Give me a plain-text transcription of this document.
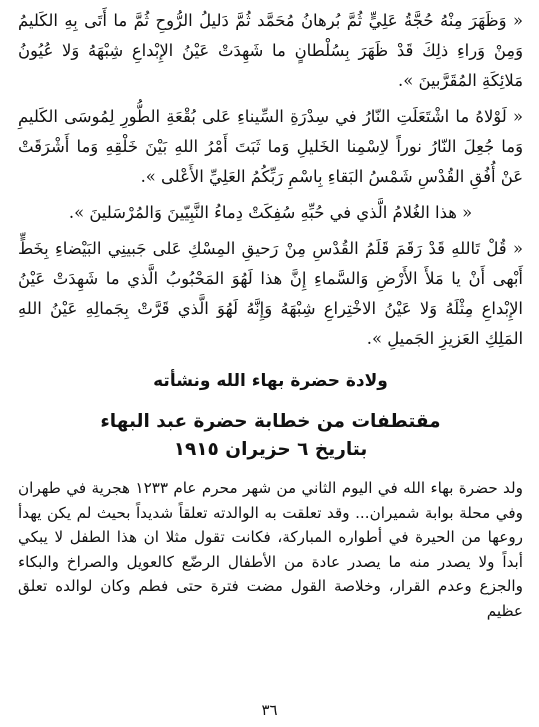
« وَظَهَرَ مِنْهُ حُجَّةُ عَلِيٍّ ثُمَّ بُرهانُ مُحَمَّد ثُمَّ دَليلُ الرُّوحِ ثُمَّ ما أَتَى بِهِ الكَليمُ وَمِنْ وَراءِ ذلِكَ قَدْ ظَهَرَ بِسُلْطانٍ ما شَهِدَتْ عَيْنُ الإِبْداعِ شِبْهَهُ وَلا عُيُونُ مَلائِكَةِ المُقَرَّبينَ ».

« لَوْلاهُ ما اشْتَعَلَتِ النّارُ في سِدْرَةِ السِّيناءِ عَلى بُقْعَةِ الطُّورِ لِمُوسَى الكَليمِ وَما جُعِلَ النّارُ نوراً لاِسْمِنا الخَليلِ وَما ثَبَتَ أَمْرُ اللهِ بَيْنَ خَلْقِهِ وَما أَشْرَقَتْ عَنْ أُفُقِ القُدْسِ شَمْسُ البَقاءِ بِاسْمِ رَبِّكُمُ العَلِيِّ الأَعْلى ».

« هذا الغُلامُ الَّذي في حُبِّهِ سُفِكَتْ دِماءُ النَّبِيّينَ وَالمُرْسَلينَ ».

« قُلْ تَاللهِ قَدْ رَقَمَ قَلَمُ القُدْسِ مِنْ رَحيقِ المِسْكِ عَلى جَبينِي البَيْضاءِ بِخَطٍّ أَبْهى أَنْ يا مَلأَ الأَرْضِ وَالسَّماءِ إِنَّ هذا لَهُوَ المَحْبُوبُ الَّذي ما شَهِدَتْ عَيْنُ الإِبْداعِ مِثْلَهُ وَلا عَيْنُ الاخْتِراعِ شِبْهَهُ وَإِنَّهُ لَهُوَ الَّذي قَرَّتْ بِجَمالِهِ عَيْنُ اللهِ المَلِكِ العَزيزِ الجَميلِ ».

ولادة حضرة بهاء الله ونشأته
مقتطفات من خطابة حضرة عبد البهاء
بتاريخ ٦ حزيران ١٩١٥

ولد حضرة بهاء الله في اليوم الثاني من شهر محرم عام ١٢٣٣ هجرية في طهران وفي محلة بوابة شميران... وقد تعلقت به الوالدته تعلقاً شديداً بحيث لم يكن يهدأ روعها من الحيرة في أطواره المباركة، فكانت تقول مثلا ان هذا الطفل لا يبكي أبداً ولا يصدر منه ما يصدر عادة من الأطفال الرضّع كالعويل والصراخ والبكاء والجزع وعدم القرار، وخلاصة القول مضت فترة حتى فطم وكان لوالده تعلق عظيم

٣٦
